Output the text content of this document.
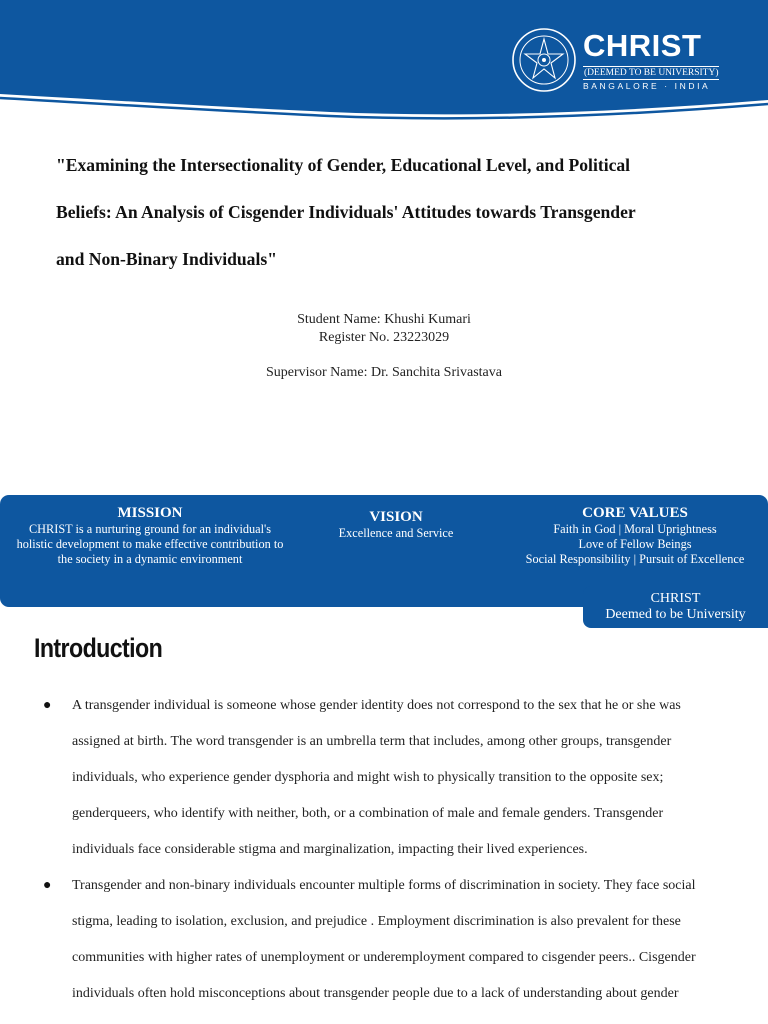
CHRIST
(DEEMED TO BE UNIVERSITY)
BANGALORE · INDIA
"Examining the Intersectionality of Gender, Educational Level, and Political
Beliefs: An Analysis of Cisgender Individuals' Attitudes towards Transgender
and Non-Binary Individuals"
Student Name: Khushi Kumari
Register No. 23223029
Supervisor Name: Dr. Sanchita Srivastava
MISSION
CHRIST is a nurturing ground for an individual's
holistic development to make effective contribution to
the society in a dynamic environment
VISION
Excellence and Service
CORE VALUES
Faith in God | Moral Uprightness
Love of Fellow Beings
Social Responsibility | Pursuit of Excellence
CHRIST
Deemed to be University
Introduction
● A transgender individual is someone whose gender identity does not correspond to the sex that he or she was

assigned at birth. The word transgender is an umbrella term that includes, among other groups, transgender

individuals, who experience gender dysphoria and might wish to physically transition to the opposite sex;

genderqueers, who identify with neither, both, or a combination of male and female genders. Transgender

individuals face considerable stigma and marginalization, impacting their lived experiences.

● Transgender and non-binary individuals encounter multiple forms of discrimination in society. They face social

stigma, leading to isolation, exclusion, and prejudice . Employment discrimination is also prevalent for these

communities with higher rates of unemployment or underemployment compared to cisgender peers.. Cisgender

individuals often hold misconceptions about transgender people due to a lack of understanding about gender
